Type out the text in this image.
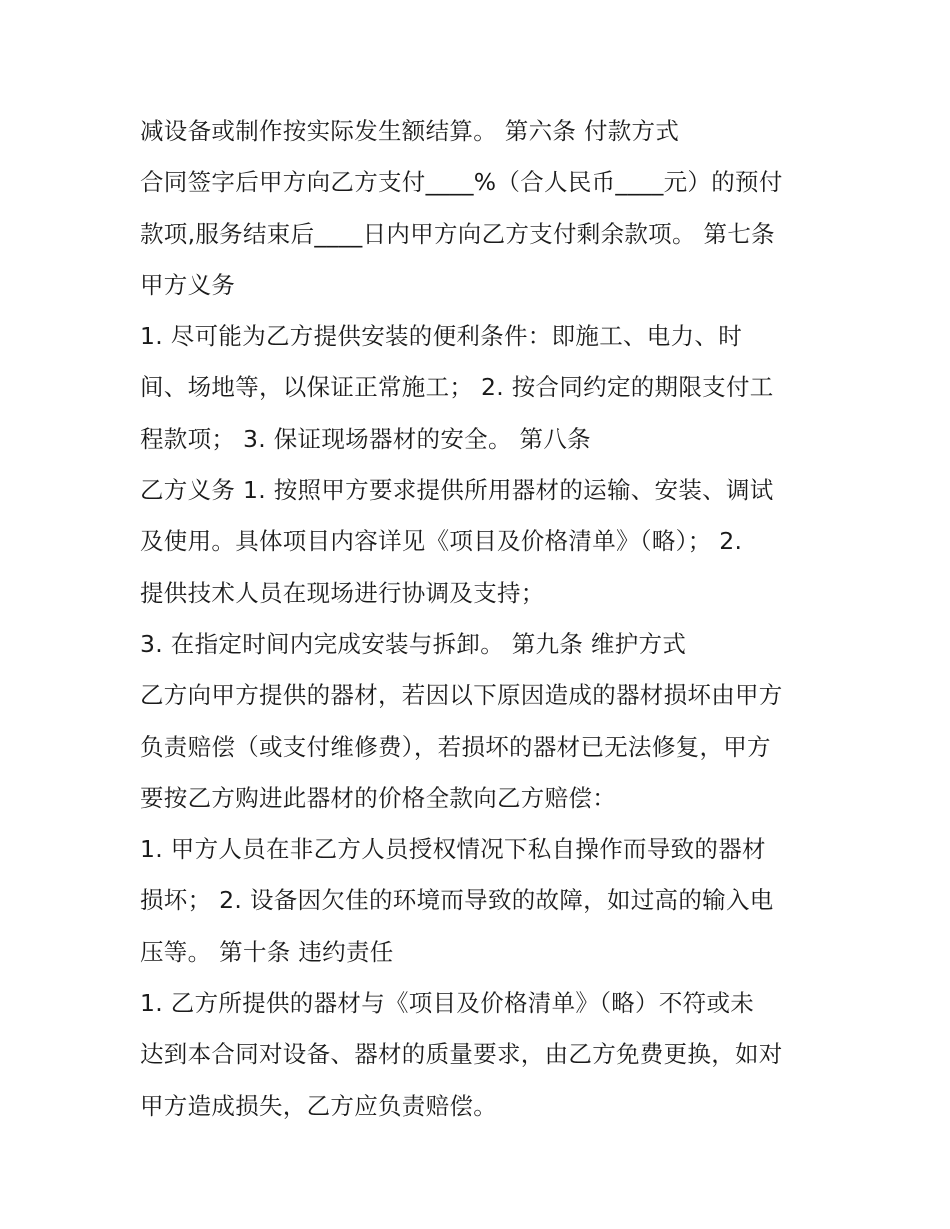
减设备或制作按实际发生额结算。 第六条 付款方式
合同签字后甲方向乙方支付____%（合人民币____元）的预付
款项,服务结束后____日内甲方向乙方支付剩余款项。 第七条
甲方义务
1. 尽可能为乙方提供安装的便利条件：即施工、电力、时
间、场地等，以保证正常施工； 2. 按合同约定的期限支付工
程款项； 3. 保证现场器材的安全。 第八条
乙方义务 1. 按照甲方要求提供所用器材的运输、安装、调试
及使用。具体项目内容详见《项目及价格清单》（略）； 2.
提供技术人员在现场进行协调及支持；
3. 在指定时间内完成安装与拆卸。 第九条 维护方式
乙方向甲方提供的器材，若因以下原因造成的器材损坏由甲方
负责赔偿（或支付维修费），若损坏的器材已无法修复，甲方
要按乙方购进此器材的价格全款向乙方赔偿：
1. 甲方人员在非乙方人员授权情况下私自操作而导致的器材
损坏； 2. 设备因欠佳的环境而导致的故障，如过高的输入电
压等。 第十条 违约责任
1. 乙方所提供的器材与《项目及价格清单》（略）不符或未
达到本合同对设备、器材的质量要求，由乙方免费更换，如对
甲方造成损失，乙方应负责赔偿。
